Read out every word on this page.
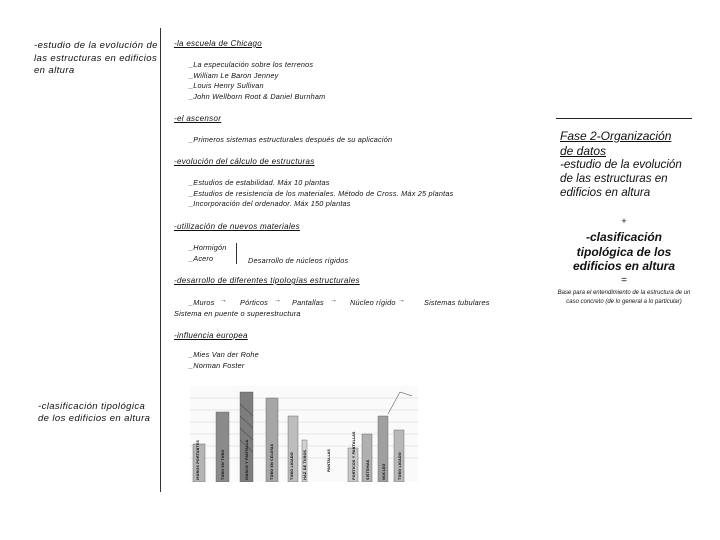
-estudio de la evolución de las estructuras en edificios en altura
-clasificación tipológica de los edificios en altura
-la escuela de Chicago
_La especulación sobre los terrenos
_William Le Baron Jenney
_Louis Henry Sullivan
_John Wellborn Root & Daniel Burnham
-el ascensor
_Primeros sistemas estructurales después de su aplicación
-evolución del cálculo de estructuras
_Estudios de estabilidad. Máx 10 plantas
_Estudios de resistencia de los materiales. Método de Cross. Máx 25 plantas
_Incorporación del ordenador. Máx 150 plantas
-utilización de nuevos materiales
_Hormigón
_Acero	Desarrollo de núcleos rígidos
-desarrollo de diferentes tipologías estructurales
_Muros → Pórticos → Pantallas → Núcleo rígido →	Sistemas tubulares
Sistema en puente o superestructura
-influencia europea
_Mies Van der Rohe
_Norman Foster
MUROS PORTANTES	TUBO EN TUBO	MARCO Y PANTALLA	TUBO EN CELOSIA	TUBO LIGADO	HAZ DE TUBOS	PANTALLAS	PORTICOS Y PANTALLAS	SISTEMAS	NUCLEO	TUBO LIGADO
Fase 2-Organización de datos
-estudio de la evolución de las estructuras en edificios en altura
+
-clasificación tipológica de los edificios en altura
=
Base para el entendimiento de la estructura de un caso concreto (de lo general a lo particular)
